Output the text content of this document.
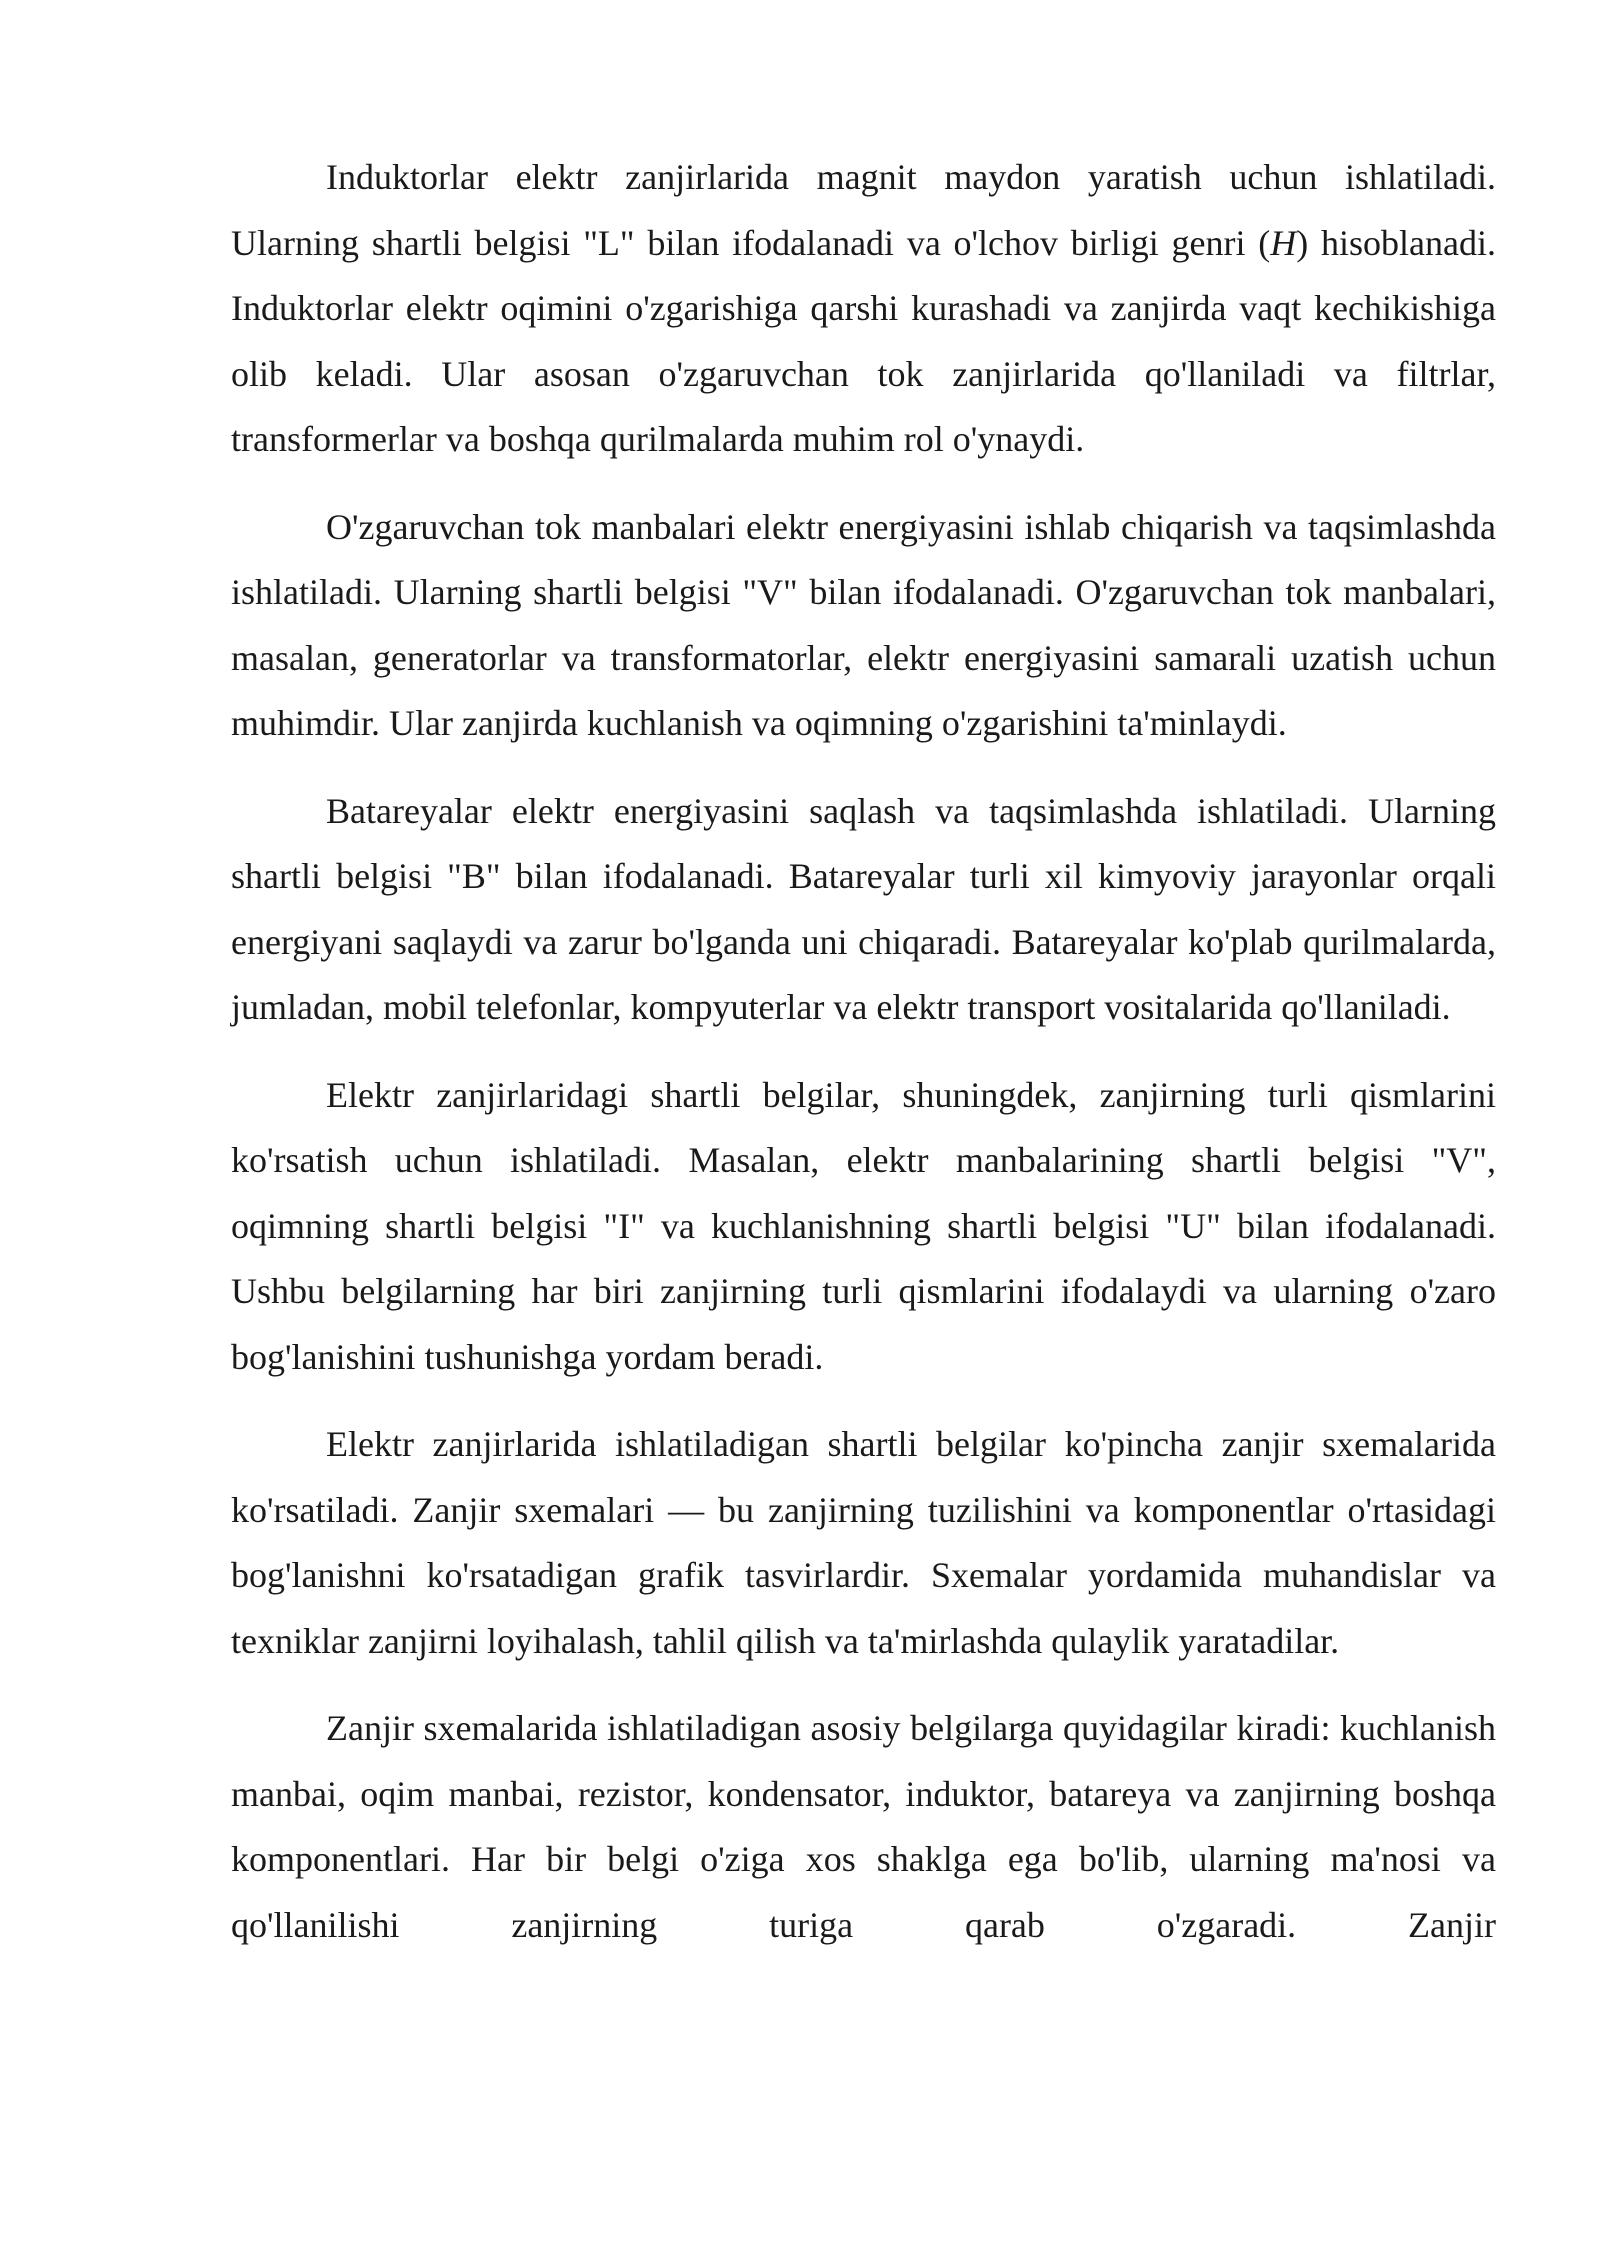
Induktorlar elektr zanjirlarida magnit maydon yaratish uchun ishlatiladi. Ularning shartli belgisi "L" bilan ifodalanadi va o'lchov birligi genri (H) hisoblanadi. Induktorlar elektr oqimini o'zgarishiga qarshi kurashadi va zanjirda vaqt kechikishiga olib keladi. Ular asosan o'zgaruvchan tok zanjirlarida qo'llaniladi va filtrlar, transformerlar va boshqa qurilmalarda muhim rol o'ynaydi.

O'zgaruvchan tok manbalari elektr energiyasini ishlab chiqarish va taqsimlashda ishlatiladi. Ularning shartli belgisi "V" bilan ifodalanadi. O'zgaruvchan tok manbalari, masalan, generatorlar va transformatorlar, elektr energiyasini samarali uzatish uchun muhimdir. Ular zanjirda kuchlanish va oqimning o'zgarishini ta'minlaydi.

Batareyalar elektr energiyasini saqlash va taqsimlashda ishlatiladi. Ularning shartli belgisi "B" bilan ifodalanadi. Batareyalar turli xil kimyoviy jarayonlar orqali energiyani saqlaydi va zarur bo'lganda uni chiqaradi. Batareyalar ko'plab qurilmalarda, jumladan, mobil telefonlar, kompyuterlar va elektr transport vositalarida qo'llaniladi.

Elektr zanjirlaridagi shartli belgilar, shuningdek, zanjirning turli qismlarini ko'rsatish uchun ishlatiladi. Masalan, elektr manbalarining shartli belgisi "V", oqimning shartli belgisi "I" va kuchlanishning shartli belgisi "U" bilan ifodalanadi. Ushbu belgilarning har biri zanjirning turli qismlarini ifodalaydi va ularning o'zaro bog'lanishini tushunishga yordam beradi.

Elektr zanjirlarida ishlatiladigan shartli belgilar ko'pincha zanjir sxemalarida ko'rsatiladi. Zanjir sxemalari — bu zanjirning tuzilishini va komponentlar o'rtasidagi bog'lanishni ko'rsatadigan grafik tasvirlardir. Sxemalar yordamida muhandislar va texniklar zanjirni loyihalash, tahlil qilish va ta'mirlashda qulaylik yaratadilar.

Zanjir sxemalarida ishlatiladigan asosiy belgilarga quyidagilar kiradi: kuchlanish manbai, oqim manbai, rezistor, kondensator, induktor, batareya va zanjirning boshqa komponentlari. Har bir belgi o'ziga xos shaklga ega bo'lib, ularning ma'nosi va qo'llanilishi zanjirning turiga qarab o'zgaradi. Zanjir
